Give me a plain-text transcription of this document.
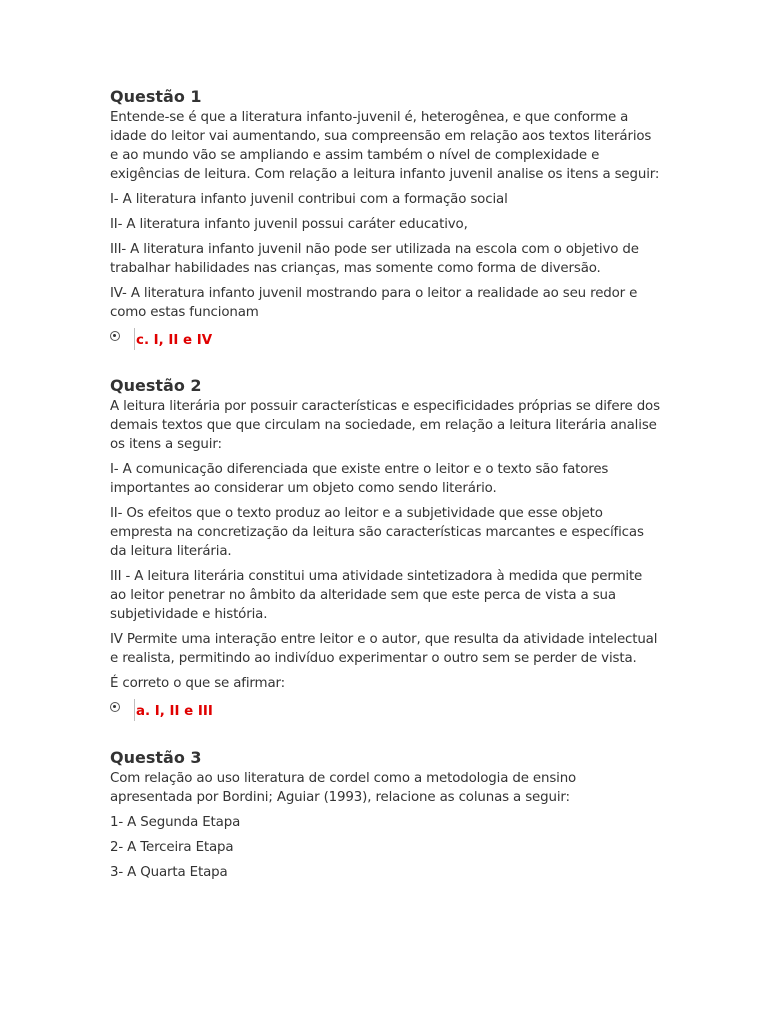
Questão 1

Entende-se é que a literatura infanto-juvenil é, heterogênea, e que conforme a idade do leitor vai aumentando, sua compreensão em relação aos textos literários e ao mundo vão se ampliando e assim também o nível de complexidade e exigências de leitura. Com relação a leitura infanto juvenil analise os itens a seguir:

I- A literatura infanto juvenil contribui com a formação social

II- A literatura infanto juvenil possui caráter educativo,

III- A literatura infanto juvenil não pode ser utilizada na escola com o objetivo de trabalhar habilidades nas crianças, mas somente como forma de diversão.

IV- A literatura infanto juvenil mostrando para o leitor a realidade ao seu redor e como estas funcionam

c. I, II e IV
Questão 2

A leitura literária por possuir características e especificidades próprias se difere dos demais textos que que circulam na sociedade, em relação a leitura literária analise os itens a seguir:

I- A comunicação diferenciada que existe entre o leitor e o texto são fatores importantes ao considerar um objeto como sendo literário.

II- Os efeitos que o texto produz ao leitor e a subjetividade que esse objeto empresta na concretização da leitura são características marcantes e específicas da leitura literária.

III - A leitura literária constitui uma atividade sintetizadora à medida que permite ao leitor penetrar no âmbito da alteridade sem que este perca de vista a sua subjetividade e história.

IV Permite uma interação entre leitor e o autor, que resulta da atividade intelectual e realista, permitindo ao indivíduo experimentar o outro sem se perder de vista.

É correto o que se afirmar:

a. I, II e III
Questão 3

Com relação ao uso literatura de cordel como a metodologia de ensino apresentada por Bordini; Aguiar (1993), relacione as colunas a seguir:

1- A Segunda Etapa

2- A Terceira Etapa

3- A Quarta Etapa
